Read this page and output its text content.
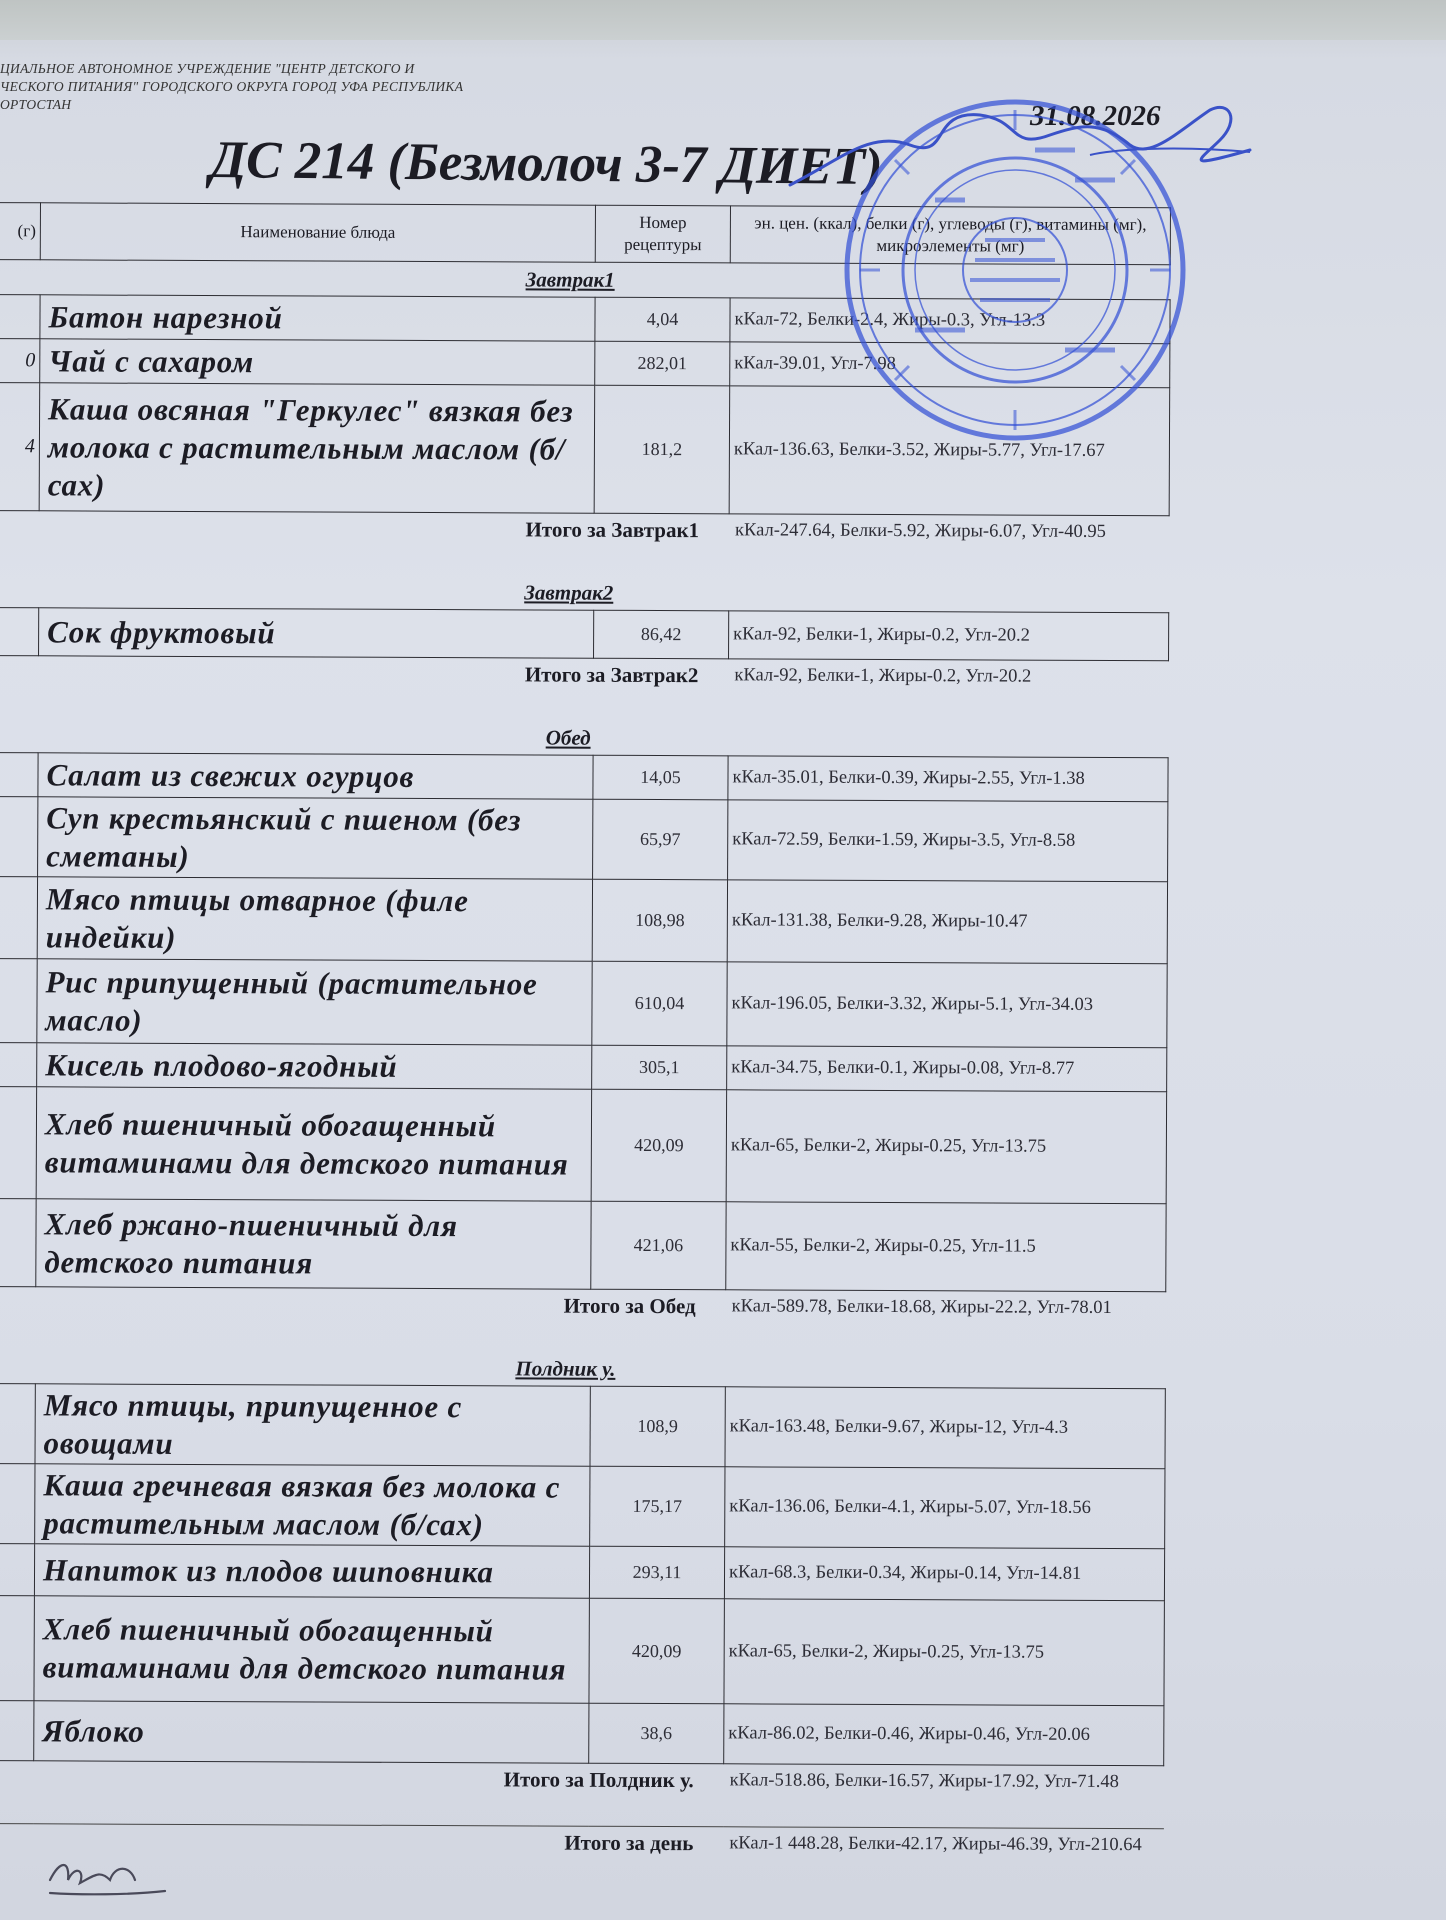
ЦИАЛЬНОЕ АВТОНОМНОЕ УЧРЕЖДЕНИЕ "ЦЕНТР ДЕТСКОГО И
ЧЕСКОГО ПИТАНИЯ" ГОРОДСКОГО ОКРУГА ГОРОД УФА РЕСПУБЛИКА
ОРТОСТАН	31.08.2026
ДС 214 (Безмолоч 3-7 ДИЕТ)
(г)	Наименование блюда	Номер рецептуры	эн. цен. (ккал), белки (г), углеводы (г), витамины (мг), микроэлементы (мг)
Завтрак1			
	Батон нарезной	4,04	кКал-72, Белки-2.4, Жиры-0.3, Угл-13.3
0	Чай с сахаром	282,01	кКал-39.01, Угл-7.98
4	Каша овсяная "Геркулес" вязкая без молока с растительным маслом (б/сах)	181,2	кКал-136.63, Белки-3.52, Жиры-5.77, Угл-17.67
Итого за Завтрак1			кКал-247.64, Белки-5.92, Жиры-6.07, Угл-40.95
Завтрак2			
	Сок фруктовый	86,42	кКал-92, Белки-1, Жиры-0.2, Угл-20.2
Итого за Завтрак2			кКал-92, Белки-1, Жиры-0.2, Угл-20.2
Обед			
	Салат из свежих огурцов	14,05	кКал-35.01, Белки-0.39, Жиры-2.55, Угл-1.38
	Суп крестьянский с пшеном (без сметаны)	65,97	кКал-72.59, Белки-1.59, Жиры-3.5, Угл-8.58
	Мясо птицы отварное (филе индейки)	108,98	кКал-131.38, Белки-9.28, Жиры-10.47
	Рис припущенный (растительное масло)	610,04	кКал-196.05, Белки-3.32, Жиры-5.1, Угл-34.03
	Кисель плодово-ягодный	305,1	кКал-34.75, Белки-0.1, Жиры-0.08, Угл-8.77
	Хлеб пшеничный обогащенный витаминами для детского питания	420,09	кКал-65, Белки-2, Жиры-0.25, Угл-13.75
	Хлеб ржано-пшеничный для детского питания	421,06	кКал-55, Белки-2, Жиры-0.25, Угл-11.5
Итого за Обед			кКал-589.78, Белки-18.68, Жиры-22.2, Угл-78.01
Полдник у.			
	Мясо птицы, припущенное с овощами	108,9	кКал-163.48, Белки-9.67, Жиры-12, Угл-4.3
	Каша гречневая вязкая без молока с растительным маслом (б/сах)	175,17	кКал-136.06, Белки-4.1, Жиры-5.07, Угл-18.56
	Напиток из плодов шиповника	293,11	кКал-68.3, Белки-0.34, Жиры-0.14, Угл-14.81
	Хлеб пшеничный обогащенный витаминами для детского питания	420,09	кКал-65, Белки-2, Жиры-0.25, Угл-13.75
	Яблоко	38,6	кКал-86.02, Белки-0.46, Жиры-0.46, Угл-20.06
Итого за Полдник у.			кКал-518.86, Белки-16.57, Жиры-17.92, Угл-71.48
Итого за день			кКал-1 448.28, Белки-42.17, Жиры-46.39, Угл-210.64
